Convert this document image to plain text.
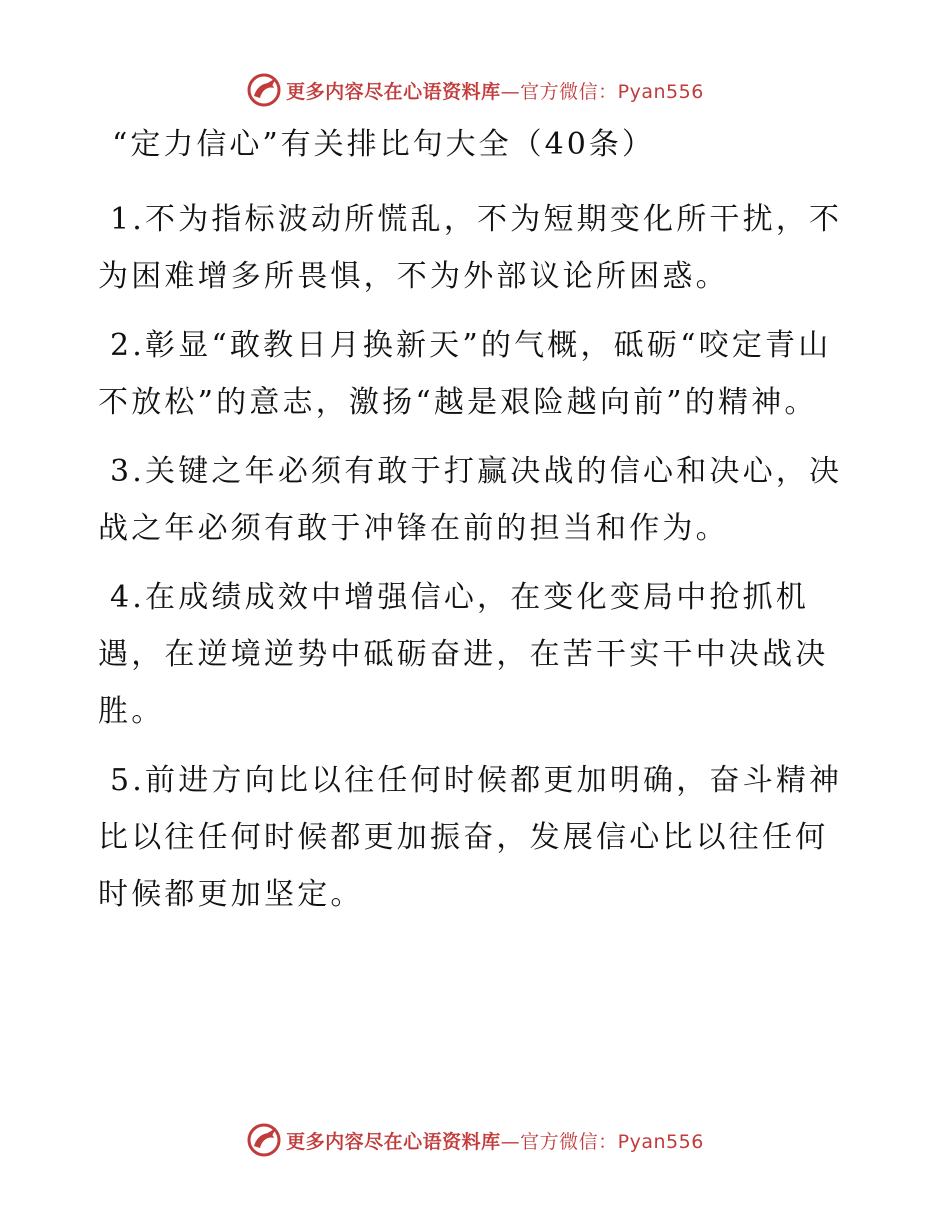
更多内容尽在心语资料库—官方微信：Pyan556
“定力信心”有关排比句大全（40条）

1.不为指标波动所慌乱，不为短期变化所干扰，不为困难增多所畏惧，不为外部议论所困惑。

2.彰显“敢教日月换新天”的气概，砥砺“咬定青山不放松”的意志，激扬“越是艰险越向前”的精神。

3.关键之年必须有敢于打赢决战的信心和决心，决战之年必须有敢于冲锋在前的担当和作为。

4.在成绩成效中增强信心，在变化变局中抢抓机遇，在逆境逆势中砥砺奋进，在苦干实干中决战决胜。

5.前进方向比以往任何时候都更加明确，奋斗精神比以往任何时候都更加振奋，发展信心比以往任何时候都更加坚定。

更多内容尽在心语资料库—官方微信：Pyan556
